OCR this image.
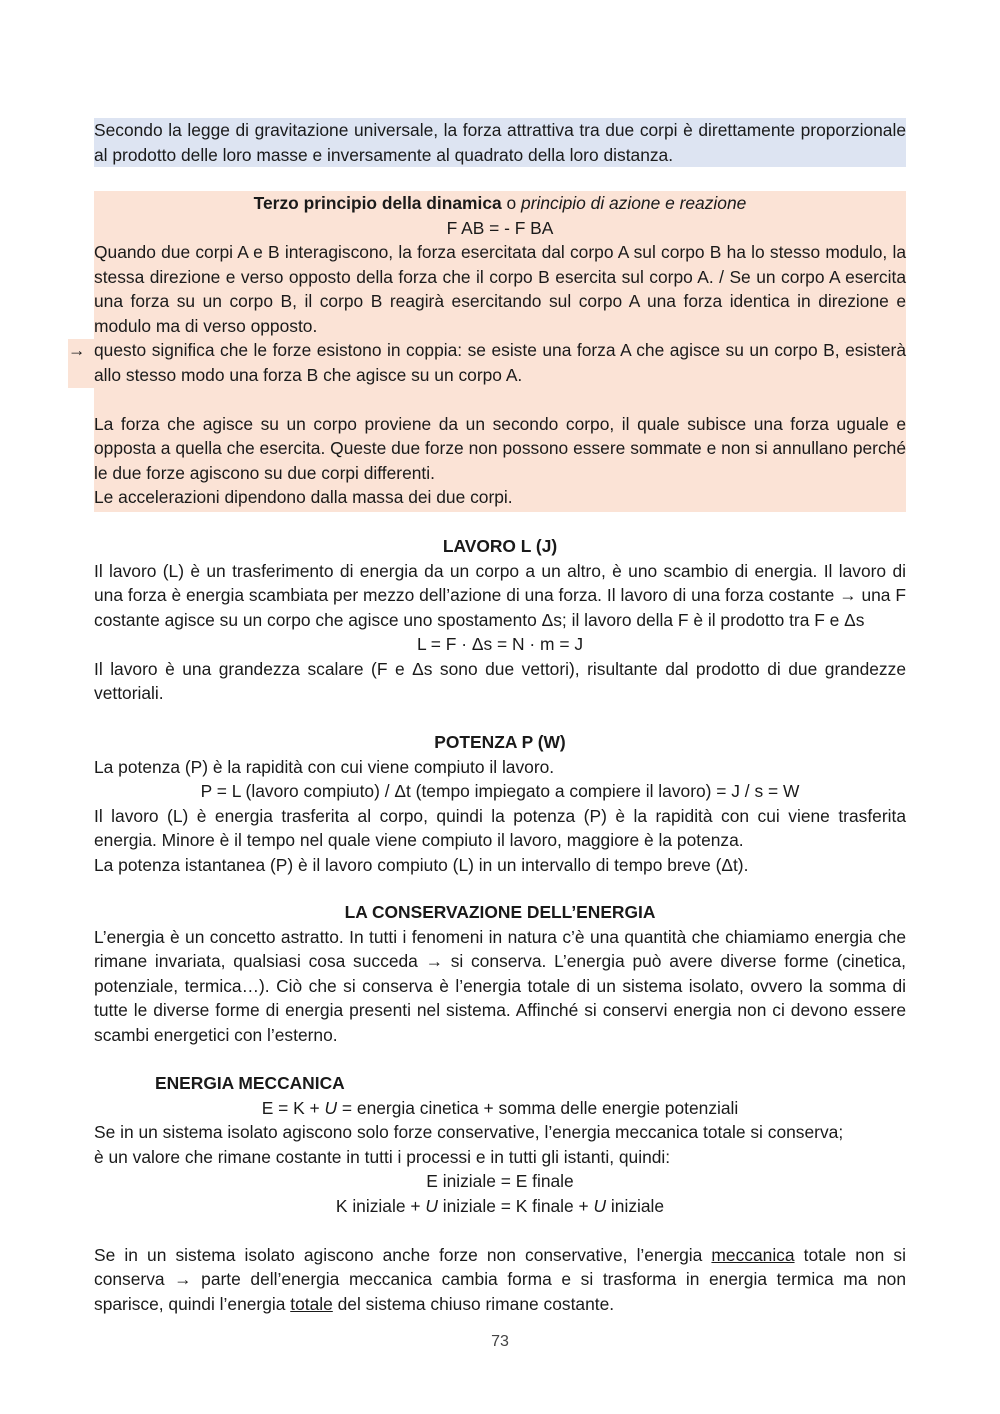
Secondo la legge di gravitazione universale, la forza attrattiva tra due corpi è direttamente proporzionale al prodotto delle loro masse e inversamente al quadrato della loro distanza.

Terzo principio della dinamica o principio di azione e reazione

F AB = - F BA

Quando due corpi A e B interagiscono, la forza esercitata dal corpo A sul corpo B ha lo stesso modulo, la stessa direzione e verso opposto della forza che il corpo B esercita sul corpo A. / Se un corpo A esercita una forza su un corpo B, il corpo B reagirà esercitando sul corpo A una forza identica in direzione e modulo ma di verso opposto.

→ questo significa che le forze esistono in coppia: se esiste una forza A che agisce su un corpo B, esisterà allo stesso modo una forza B che agisce su un corpo A.

La forza che agisce su un corpo proviene da un secondo corpo, il quale subisce una forza uguale e opposta a quella che esercita. Queste due forze non possono essere sommate e non si annullano perché le due forze agiscono su due corpi differenti.

Le accelerazioni dipendono dalla massa dei due corpi.

LAVORO L (J)

Il lavoro (L) è un trasferimento di energia da un corpo a un altro, è uno scambio di energia. Il lavoro di una forza è energia scambiata per mezzo dell’azione di una forza. Il lavoro di una forza costante → una F costante agisce su un corpo che agisce uno spostamento Δs; il lavoro della F è il prodotto tra F e Δs

L = F · Δs = N · m = J

Il lavoro è una grandezza scalare (F e Δs sono due vettori), risultante dal prodotto di due grandezze vettoriali.

POTENZA P (W)

La potenza (P) è la rapidità con cui viene compiuto il lavoro.

P = L (lavoro compiuto) / Δt (tempo impiegato a compiere il lavoro) = J / s = W

Il lavoro (L) è energia trasferita al corpo, quindi la potenza (P) è la rapidità con cui viene trasferita energia. Minore è il tempo nel quale viene compiuto il lavoro, maggiore è la potenza.

La potenza istantanea (P) è il lavoro compiuto (L) in un intervallo di tempo breve (Δt).

LA CONSERVAZIONE DELL’ENERGIA

L’energia è un concetto astratto. In tutti i fenomeni in natura c’è una quantità che chiamiamo energia che rimane invariata, qualsiasi cosa succeda → si conserva. L’energia può avere diverse forme (cinetica, potenziale, termica…). Ciò che si conserva è l’energia totale di un sistema isolato, ovvero la somma di tutte le diverse forme di energia presenti nel sistema. Affinché si conservi energia non ci devono essere scambi energetici con l’esterno.

ENERGIA MECCANICA

E = K + U = energia cinetica + somma delle energie potenziali

Se in un sistema isolato agiscono solo forze conservative, l’energia meccanica totale si conserva;

è un valore che rimane costante in tutti i processi e in tutti gli istanti, quindi:

E iniziale = E finale

K iniziale + U iniziale = K finale + U iniziale

Se in un sistema isolato agiscono anche forze non conservative, l’energia meccanica totale non si conserva → parte dell’energia meccanica cambia forma e si trasforma in energia termica ma non sparisce, quindi l’energia totale del sistema chiuso rimane costante.

73
